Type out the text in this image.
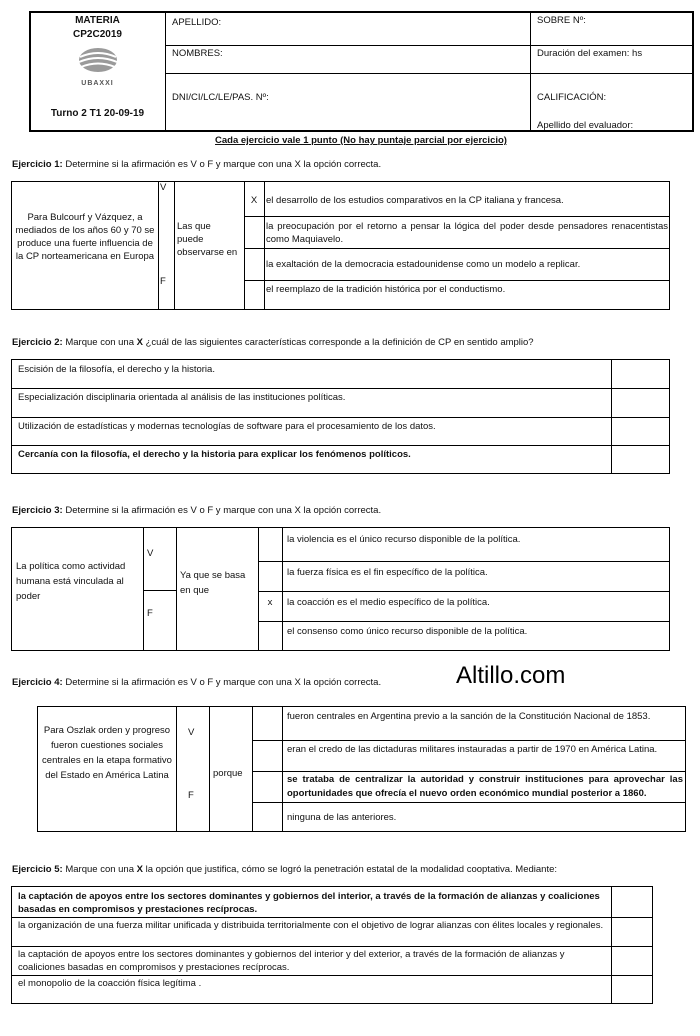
MATERIA
CP2C2019
UBAXXI
Turno 2 T1 20-09-19
APELLIDO:
NOMBRES:
DNI/CI/LC/LE/PAS. Nº:
SOBRE Nº:
Duración del examen: hs
CALIFICACIÓN:
Apellido del evaluador:
Cada ejercicio vale 1 punto (No hay puntaje parcial por ejercicio)
Ejercicio 1: Determine si la afirmación es V o F y marque con una X la opción correcta.
Para Bulcourf y Vázquez, a mediados de los años 60 y 70 se produce una fuerte influencia de la CP norteamericana en Europa
V
F
Las que puede observarse en
X el desarrollo de los estudios comparativos en la CP italiana y francesa.
la preocupación por el retorno a pensar la lógica del poder desde pensadores renacentistas como Maquiavelo.
la exaltación de la democracia estadounidense como un modelo a replicar.
el reemplazo de la tradición histórica por el conductismo.
Ejercicio 2: Marque con una X ¿cuál de las siguientes características corresponde a la definición de CP en sentido amplio?
Escisión de la filosofía, el derecho y la historia.
Especialización disciplinaria orientada al análisis de las instituciones políticas.
Utilización de estadísticas y modernas tecnologías de software para el procesamiento de los datos.
Cercanía con la filosofía, el derecho y la historia para explicar los fenómenos políticos.
Ejercicio 3: Determine si la afirmación es V o F y marque con una X la opción correcta.
La política como actividad humana está vinculada al poder
V
F
Ya que se basa en que
x
la violencia es el único recurso disponible de la política.
la fuerza física es el fin específico de la política.
la coacción es el medio específico de la política.
el consenso como único recurso disponible de la política.
Altillo.com
Ejercicio 4: Determine si la afirmación es V o F y marque con una X la opción correcta.
Para Oszlak orden y progreso fueron cuestiones sociales centrales en la etapa formativo del Estado en América Latina
V
F
porque
fueron centrales en Argentina previo a la sanción de la Constitución Nacional de 1853.
eran el credo de las dictaduras militares instauradas a partir de 1970 en América Latina.
se trataba de centralizar la autoridad y construir instituciones para aprovechar las oportunidades que ofrecía el nuevo orden económico mundial posterior a 1860.
ninguna de las anteriores.
Ejercicio 5: Marque con una X la opción que justifica, cómo se logró la penetración estatal de la modalidad cooptativa. Mediante:
la captación de apoyos entre los sectores dominantes y gobiernos del interior, a través de la formación de alianzas y coaliciones basadas en compromisos y prestaciones recíprocas.
la organización de una fuerza militar unificada y distribuida territorialmente con el objetivo de lograr alianzas con élites locales y regionales.
la captación de apoyos entre los sectores dominantes y gobiernos del interior y del exterior, a través de la formación de alianzas y coaliciones basadas en compromisos y prestaciones recíprocas.
el monopolio de la coacción física legítima .
